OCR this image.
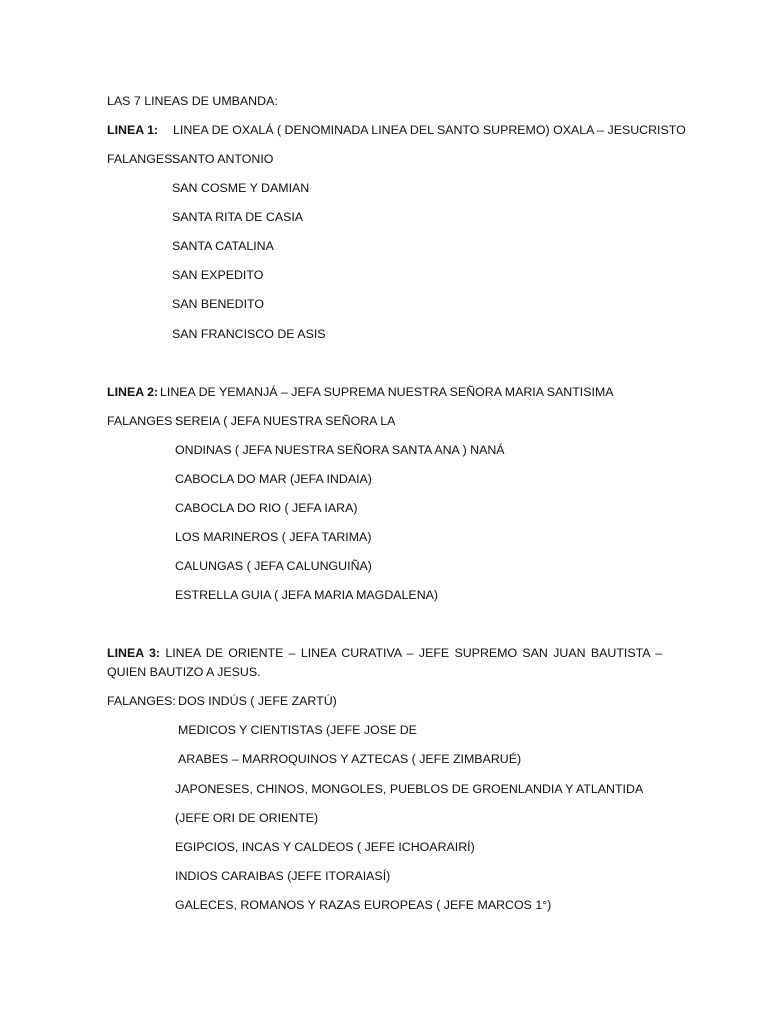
LAS 7 LINEAS DE UMBANDA:
LINEA 1: LINEA DE OXALÁ ( DENOMINADA LINEA DEL SANTO SUPREMO) OXALA – JESUCRISTO
FALANGES:
SANTO ANTONIO
SAN COSME Y DAMIAN
SANTA RITA DE CASIA
SANTA CATALINA
SAN EXPEDITO
SAN BENEDITO
SAN FRANCISCO DE ASIS
LINEA 2: LINEA DE YEMANJÁ – JEFA SUPREMA NUESTRA SEÑORA MARIA SANTISIMA
FALANGES :
SEREIA ( JEFA NUESTRA SEÑORA LA
ONDINAS ( JEFA NUESTRA SEÑORA SANTA ANA ) NANÁ
CABOCLA DO MAR (JEFA INDAIA)
CABOCLA DO RIO ( JEFA IARA)
LOS MARINEROS ( JEFA TARIMA)
CALUNGAS ( JEFA CALUNGUIÑA)
ESTRELLA GUIA ( JEFA MARIA MAGDALENA)
LINEA 3: LINEA DE ORIENTE – LINEA CURATIVA – JEFE SUPREMO SAN JUAN BAUTISTA – QUIEN BAUTIZO A JESUS.
FALANGES: DOS INDÚS ( JEFE ZARTÚ)
MEDICOS Y CIENTISTAS (JEFE JOSE DE
ARABES – MARROQUINOS Y AZTECAS ( JEFE ZIMBARUÉ)
JAPONESES, CHINOS, MONGOLES, PUEBLOS DE GROENLANDIA Y ATLANTIDA
(JEFE ORI DE ORIENTE)
EGIPCIOS, INCAS Y CALDEOS ( JEFE ICHOARAIRÍ)
INDIOS CARAIBAS (JEFE ITORAIASÍ)
GALECES, ROMANOS Y RAZAS EUROPEAS ( JEFE MARCOS 1°)
